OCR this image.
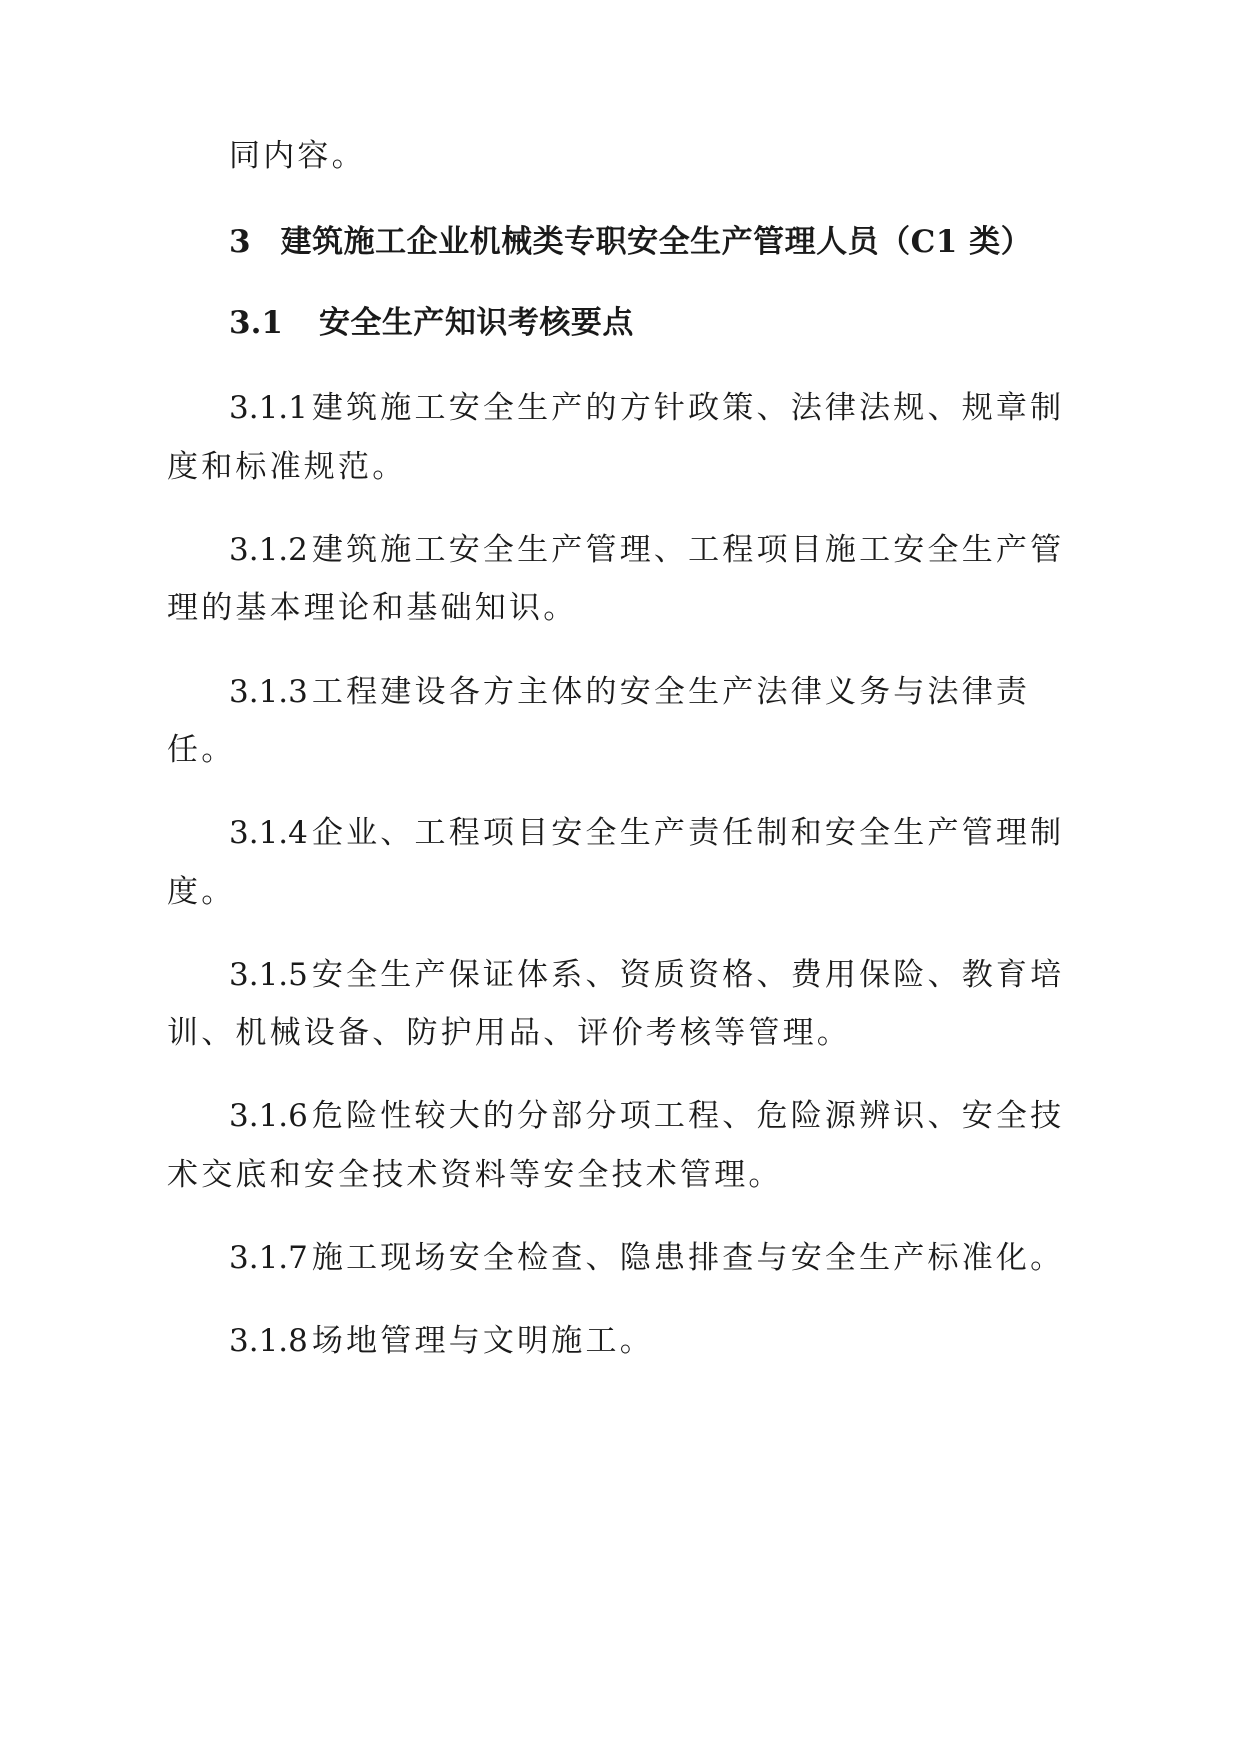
同内容。
3 建筑施工企业机械类专职安全生产管理人员（C1 类）
3.1 安全生产知识考核要点
3.1.1 建筑施工安全生产的方针政策、法律法规、规章制
度和标准规范。
3.1.2 建筑施工安全生产管理、工程项目施工安全生产管
理的基本理论和基础知识。
3.1.3 工程建设各方主体的安全生产法律义务与法律责
任。
3.1.4 企业、工程项目安全生产责任制和安全生产管理制
度。
3.1.5 安全生产保证体系、资质资格、费用保险、教育培
训、机械设备、防护用品、评价考核等管理。
3.1.6 危险性较大的分部分项工程、危险源辨识、安全技
术交底和安全技术资料等安全技术管理。
3.1.7 施工现场安全检查、隐患排查与安全生产标准化。
3.1.8 场地管理与文明施工。
